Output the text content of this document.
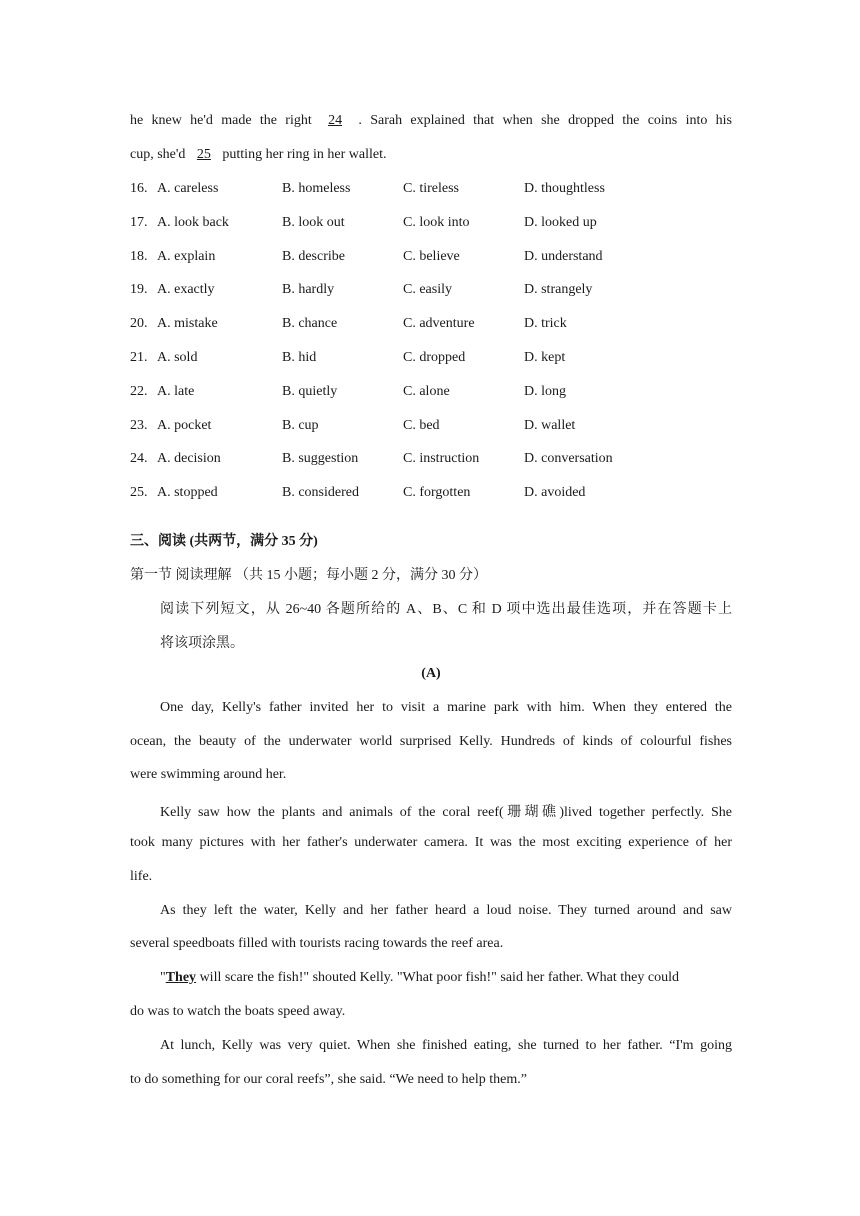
he knew he'd made the right 24 . Sarah explained that when she dropped the coins into his
cup, she'd 25 putting her ring in her wallet.
16. A. careless	B. homeless	C. tireless	D. thoughtless
17. A. look back	B. look out	C. look into	D. looked up
18. A. explain	B. describe	C. believe	D. understand
19. A. exactly	B. hardly	C. easily	D. strangely
20. A. mistake	B. chance	C. adventure	D. trick
21. A. sold	B. hid	C. dropped	D. kept
22. A. late	B. quietly	C. alone	D. long
23. A. pocket	B. cup	C. bed	D. wallet
24. A. decision	B. suggestion	C. instruction	D. conversation
25. A. stopped	B. considered	C. forgotten	D. avoided
三、阅读 (共两节，满分 35 分)
第一节 阅读理解 （共 15 小题；每小题 2 分，满分 30 分）
阅读下列短文，从 26~40 各题所给的 A、B、C 和 D 项中选出最佳选项，并在答题卡上
将该项涂黑。
(A)
One day, Kelly's father invited her to visit a marine park with him. When they entered the
ocean, the beauty of the underwater world surprised Kelly. Hundreds of kinds of colourful fishes
were swimming around her.
Kelly saw how the plants and animals of the coral reef(珊瑚礁)lived together perfectly. She
took many pictures with her father's underwater camera. It was the most exciting experience of her
life.
As they left the water, Kelly and her father heard a loud noise. They turned around and saw
several speedboats filled with tourists racing towards the reef area.
"They will scare the fish!" shouted Kelly. "What poor fish!" said her father. What they could
do was to watch the boats speed away.
At lunch, Kelly was very quiet. When she finished eating, she turned to her father. “I'm going
to do something for our coral reefs”, she said. “We need to help them.”
